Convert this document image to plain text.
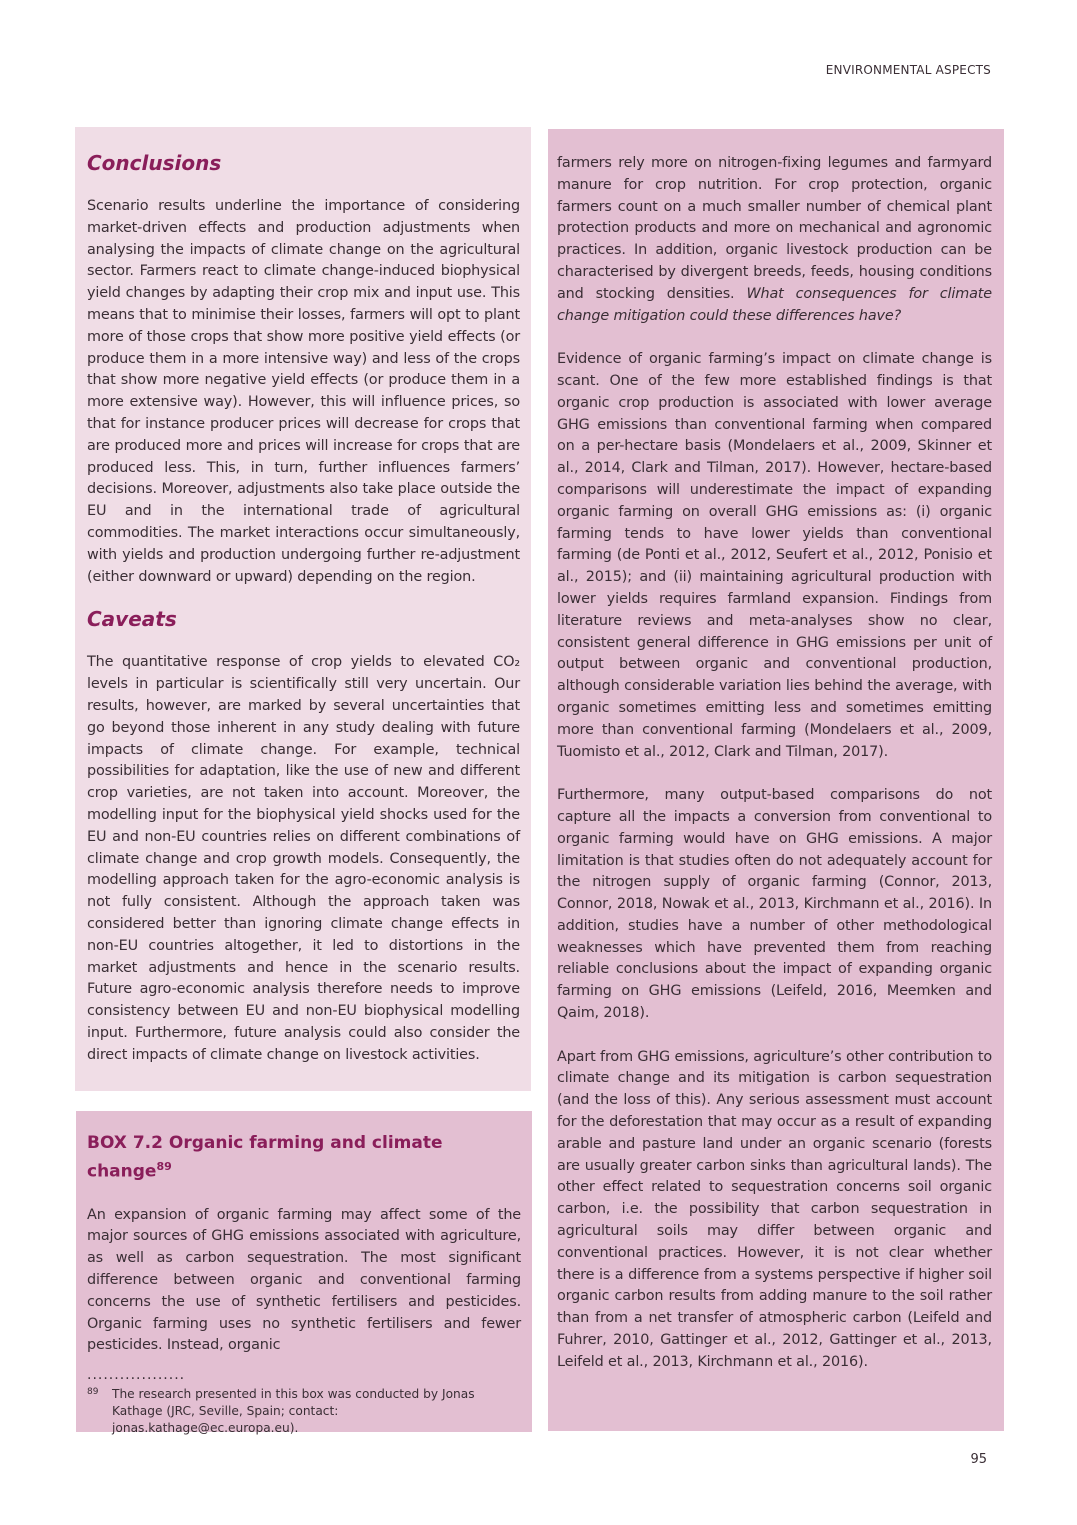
ENVIRONMENTAL ASPECTS
Conclusions

Scenario results underline the importance of considering market-driven effects and production adjustments when analysing the impacts of climate change on the agricultural sector. Farmers react to climate change-induced biophysical yield changes by adapting their crop mix and input use. This means that to minimise their losses, farmers will opt to plant more of those crops that show more positive yield effects (or produce them in a more intensive way) and less of the crops that show more negative yield effects (or produce them in a more extensive way). However, this will influence prices, so that for instance producer prices will decrease for crops that are produced more and prices will increase for crops that are produced less. This, in turn, further influences farmers’ decisions. Moreover, adjustments also take place outside the EU and in the international trade of agricultural commodities. The market interactions occur simultaneously, with yields and production undergoing further re-adjustment (either downward or upward) depending on the region.

Caveats

The quantitative response of crop yields to elevated CO₂ levels in particular is scientifically still very uncertain. Our results, however, are marked by several uncertainties that go beyond those inherent in any study dealing with future impacts of climate change. For example, technical possibilities for adaptation, like the use of new and different crop varieties, are not taken into account. Moreover, the modelling input for the biophysical yield shocks used for the EU and non-EU countries relies on different combinations of climate change and crop growth models. Consequently, the modelling approach taken for the agro-economic analysis is not fully consistent. Although the approach taken was considered better than ignoring climate change effects in non-EU countries altogether, it led to distortions in the market adjustments and hence in the scenario results. Future agro-economic analysis therefore needs to improve consistency between EU and non-EU biophysical modelling input. Furthermore, future analysis could also consider the direct impacts of climate change on livestock activities.

BOX 7.2 Organic farming and climate change$^{89}$

An expansion of organic farming may affect some of the major sources of GHG emissions associated with agriculture, as well as carbon sequestration. The most significant difference between organic and conventional farming concerns the use of synthetic fertilisers and pesticides. Organic farming uses no synthetic fertilisers and fewer pesticides. Instead, organic

..................
89	The research presented in this box was conducted by Jonas Kathage (JRC, Seville, Spain; contact: jonas.kathage@ec.europa.eu).

farmers rely more on nitrogen-fixing legumes and farmyard manure for crop nutrition. For crop protection, organic farmers count on a much smaller number of chemical plant protection products and more on mechanical and agronomic practices. In addition, organic livestock production can be characterised by divergent breeds, feeds, housing conditions and stocking densities. What consequences for climate change mitigation could these differences have?

Evidence of organic farming’s impact on climate change is scant. One of the few more established findings is that organic crop production is associated with lower average GHG emissions than conventional farming when compared on a per-hectare basis (Mondelaers et al., 2009, Skinner et al., 2014, Clark and Tilman, 2017). However, hectare-based comparisons will underestimate the impact of expanding organic farming on overall GHG emissions as: (i) organic farming tends to have lower yields than conventional farming (de Ponti et al., 2012, Seufert et al., 2012, Ponisio et al., 2015); and (ii) maintaining agricultural production with lower yields requires farmland expansion. Findings from literature reviews and meta-analyses show no clear, consistent general difference in GHG emissions per unit of output between organic and conventional production, although considerable variation lies behind the average, with organic sometimes emitting less and sometimes emitting more than conventional farming (Mondelaers et al., 2009, Tuomisto et al., 2012, Clark and Tilman, 2017).

Furthermore, many output-based comparisons do not capture all the impacts a conversion from conventional to organic farming would have on GHG emissions. A major limitation is that studies often do not adequately account for the nitrogen supply of organic farming (Connor, 2013, Connor, 2018, Nowak et al., 2013, Kirchmann et al., 2016). In addition, studies have a number of other methodological weaknesses which have prevented them from reaching reliable conclusions about the impact of expanding organic farming on GHG emissions (Leifeld, 2016, Meemken and Qaim, 2018).

Apart from GHG emissions, agriculture’s other contribution to climate change and its mitigation is carbon sequestration (and the loss of this). Any serious assessment must account for the deforestation that may occur as a result of expanding arable and pasture land under an organic scenario (forests are usually greater carbon sinks than agricultural lands). The other effect related to sequestration concerns soil organic carbon, i.e. the possibility that carbon sequestration in agricultural soils may differ between organic and conventional practices. However, it is not clear whether there is a difference from a systems perspective if higher soil organic carbon results from adding manure to the soil rather than from a net transfer of atmospheric carbon (Leifeld and Fuhrer, 2010, Gattinger et al., 2012, Gattinger et al., 2013, Leifeld et al., 2013, Kirchmann et al., 2016).

95
